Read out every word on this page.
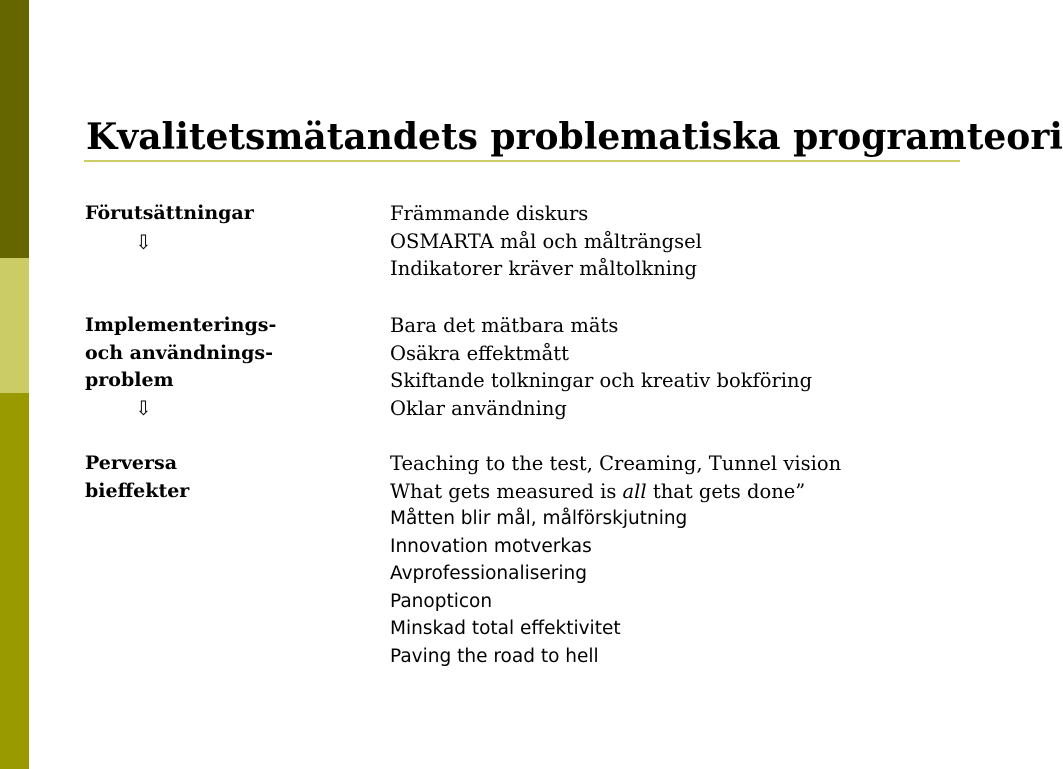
Kvalitetsmätandets problematiska programteori
Förutsättningar
⇩
Implementerings-
och användnings-
problem
⇩
Perversa
bieffekter
Främmande diskurs
OSMARTA mål och målträngsel
Indikatorer kräver måltolkning
Bara det mätbara mäts
Osäkra effektmått
Skiftande tolkningar och kreativ bokföring
Oklar användning
Teaching to the test, Creaming, Tunnel vision
What gets measured is all that gets done”
Måtten blir mål, målförskjutning
Innovation motverkas
Avprofessionalisering
Panopticon
Minskad total effektivitet
Paving the road to hell
